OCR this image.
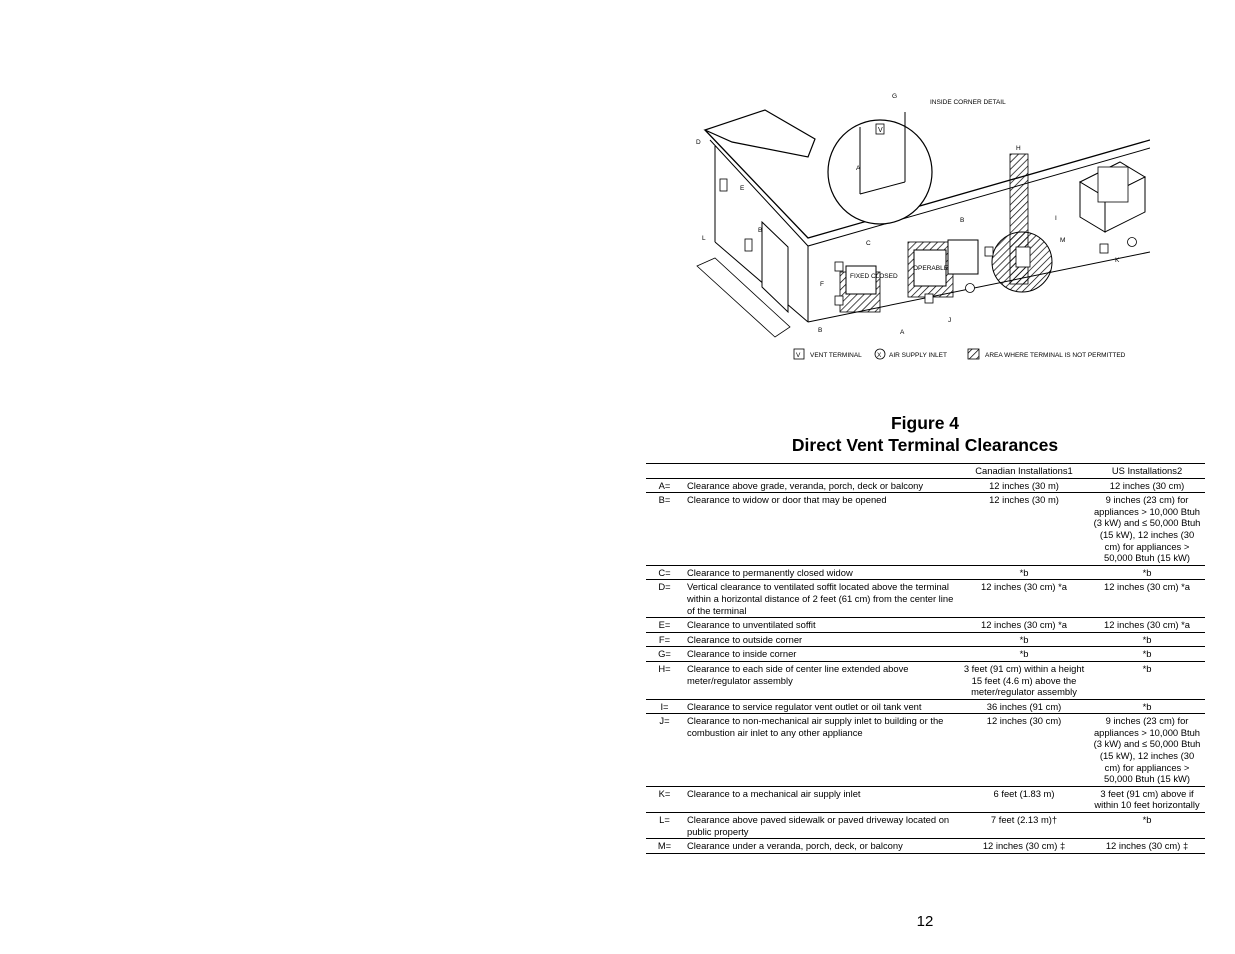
V
A
G
INSIDE CORNER DETAIL
H
I
M
K
FIXED CLOSED
OPERABLE
D
E
L
B
F
C
B
J
A
B
V VENT TERMINAL X AIR SUPPLY INLET	AREA WHERE TERMINAL IS NOT PERMITTED
Figure 4
Direct Vent Terminal Clearances
		Canadian Installations1	US Installations2
A=	Clearance above grade, veranda, porch, deck or balcony	12 inches (30 m)	12 inches (30 cm)
B=	Clearance to widow or door that may be opened	12 inches (30 m)	9 inches (23 cm) for appliances > 10,000 Btuh (3 kW) and ≤ 50,000 Btuh (15 kW), 12 inches (30 cm) for appliances > 50,000 Btuh (15 kW)
C=	Clearance to permanently closed widow	*b	*b
D=	Vertical clearance to ventilated soffit located above the terminal within a horizontal distance of 2 feet (61 cm) from the center line of the terminal	12 inches (30 cm) *a	12 inches (30 cm) *a
E=	Clearance to unventilated soffit	12 inches (30 cm) *a	12 inches (30 cm) *a
F=	Clearance to outside corner	*b	*b
G=	Clearance to inside corner	*b	*b
H=	Clearance to each side of center line extended above meter/regulator assembly	3 feet (91 cm) within a height 15 feet (4.6 m) above the meter/regulator assembly	*b
I=	Clearance to service regulator vent outlet or oil tank vent	36 inches (91 cm)	*b
J=	Clearance to non-mechanical air supply inlet to building or the combustion air inlet to any other appliance	12 inches (30 cm)	9 inches (23 cm) for appliances > 10,000 Btuh (3 kW) and ≤ 50,000 Btuh (15 kW), 12 inches (30 cm) for appliances > 50,000 Btuh (15 kW)
K=	Clearance to a mechanical air supply inlet	6 feet (1.83 m)	3 feet (91 cm) above if within 10 feet horizontally
L=	Clearance above paved sidewalk or paved driveway located on public property	7 feet (2.13 m)†	*b
M=	Clearance under a veranda, porch, deck, or balcony	12 inches (30 cm) ‡	12 inches (30 cm) ‡
12
